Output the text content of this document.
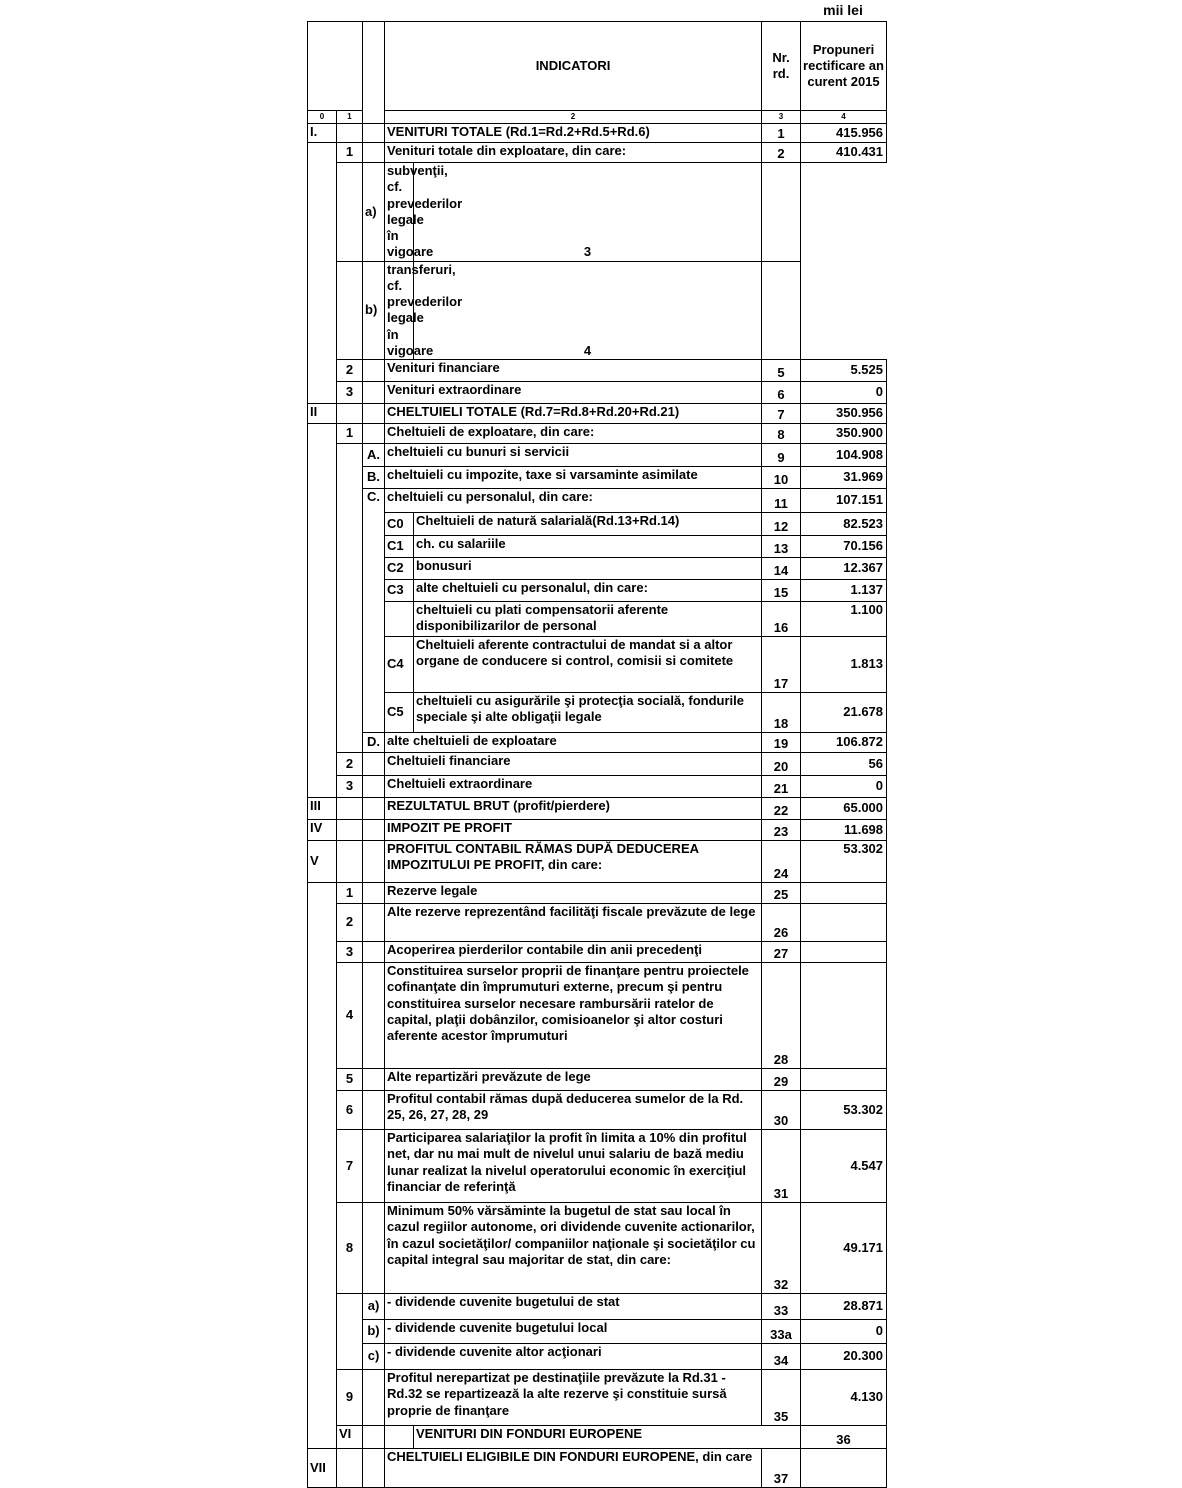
mii lei
			INDICATORI		Nr. rd.	Propuneri rectificare an curent 2015	
0	1		2		3	4	
I.			VENITURI TOTALE (Rd.1=Rd.2+Rd.5+Rd.6)		1	415.956	
	1		Venituri totale din exploatare, din care:		2	410.431	
		a)	subvenţii, cf. prevederilor legale în vigoare	3			
		b)	transferuri, cf. prevederilor legale în vigoare	4			
	2		Venituri financiare		5	5.525	
	3		Venituri extraordinare		6	0	
II			CHELTUIELI TOTALE (Rd.7=Rd.8+Rd.20+Rd.21)		7	350.956	
	1		Cheltuieli de exploatare, din care:		8	350.900	
		A.	cheltuieli cu bunuri si servicii		9	104.908	
		B.	cheltuieli cu impozite, taxe si varsaminte asimilate		10	31.969	
		C.	cheltuieli cu personalul, din care:		11	107.151	
			C0	Cheltuieli de natură salarială(Rd.13+Rd.14)	12	82.523	
			C1	ch. cu salariile	13	70.156	
			C2	bonusuri	14	12.367	
			C3	alte cheltuieli cu personalul, din care:	15	1.137	
				cheltuieli cu plati compensatorii aferente disponibilizarilor de personal	16	1.100	
			C4	Cheltuieli aferente contractului de mandat si a altor organe de conducere si control, comisii si comitete	17	1.813	
			C5	cheltuieli cu asigurările şi protecţia socială, fondurile speciale şi alte obligaţii legale	18	21.678	
		D.	alte cheltuieli de exploatare		19	106.872	
	2		Cheltuieli financiare		20	56	
	3		Cheltuieli extraordinare		21	0	
III			REZULTATUL BRUT (profit/pierdere)		22	65.000	
IV			IMPOZIT PE PROFIT		23	11.698	
V			PROFITUL CONTABIL RĂMAS DUPĂ DEDUCEREA IMPOZITULUI PE PROFIT, din care:		24	53.302	
	1		Rezerve legale		25		
	2		Alte rezerve reprezentând facilităţi fiscale prevăzute de lege		26		
	3		Acoperirea pierderilor contabile din anii precedenţi		27		
	4		Constituirea surselor proprii de finanţare pentru proiectele cofinanţate din împrumuturi externe, precum şi pentru constituirea surselor necesare rambursării ratelor de capital, plaţii dobânzilor, comisioanelor şi altor costuri aferente acestor împrumuturi		28		
	5		Alte repartizări prevăzute de lege		29		
	6		Profitul contabil rămas după deducerea sumelor de la Rd. 25, 26, 27, 28, 29		30	53.302	
	7		Participarea salariaţilor la profit în limita a 10% din profitul net, dar nu mai mult de nivelul unui salariu de bază mediu lunar realizat la nivelul operatorului economic în exerciţiul financiar de referinţă		31	4.547	
	8		Minimum 50% vărsăminte la bugetul de stat sau local în cazul regiilor autonome, ori dividende cuvenite actionarilor, în cazul societăţilor/ companiilor naţionale şi societăţilor cu capital integral sau majoritar de stat, din care:		32	49.171	
		a)	- dividende cuvenite bugetului de stat		33	28.871	
		b)	- dividende cuvenite bugetului local		33a	0	
		c)	- dividende cuvenite altor acţionari		34	20.300	
	9		Profitul nerepartizat pe destinaţiile prevăzute la Rd.31 - Rd.32 se repartizează la alte rezerve şi constituie sursă proprie de finanţare		35	4.130	
	VI			VENITURI DIN FONDURI EUROPENE		36	
VII			CHELTUIELI ELIGIBILE DIN FONDURI EUROPENE, din care		37		
